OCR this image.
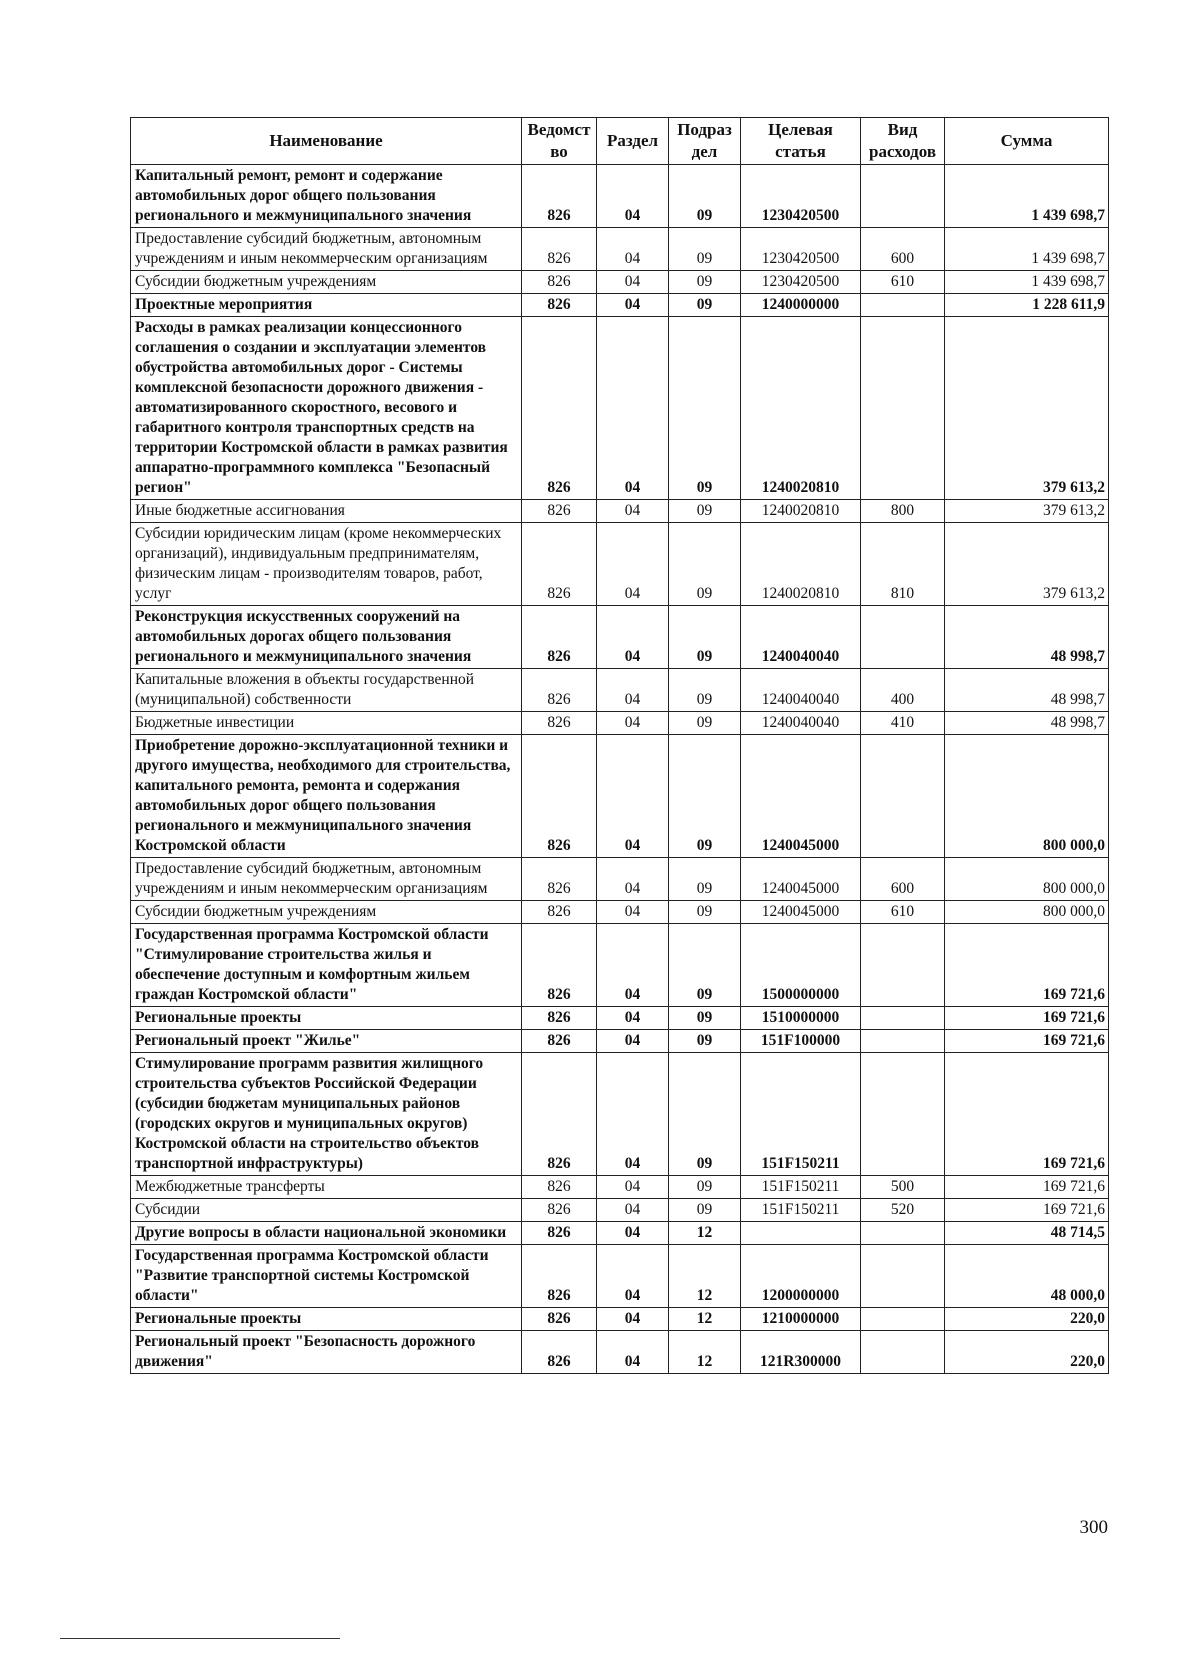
Наименование	Ведомст во	Раздел	Подраз дел	Целевая статья	Вид расходов	Сумма
Капитальный ремонт, ремонт и содержание автомобильных дорог общего пользования регионального и межмуниципального значения	826	04	09	1230420500		1 439 698,7
Предоставление субсидий бюджетным, автономным учреждениям и иным некоммерческим организациям	826	04	09	1230420500	600	1 439 698,7
Субсидии бюджетным учреждениям	826	04	09	1230420500	610	1 439 698,7
Проектные мероприятия	826	04	09	1240000000		1 228 611,9
Расходы в рамках реализации концессионного соглашения о создании и эксплуатации элементов обустройства автомобильных дорог - Системы комплексной безопасности дорожного движения - автоматизированного скоростного, весового и габаритного контроля транспортных средств на территории Костромской области в рамках развития аппаратно-программного комплекса "Безопасный регион"	826	04	09	1240020810		379 613,2
Иные бюджетные ассигнования	826	04	09	1240020810	800	379 613,2
Субсидии юридическим лицам (кроме некоммерческих организаций), индивидуальным предпринимателям, физическим лицам - производителям товаров, работ, услуг	826	04	09	1240020810	810	379 613,2
Реконструкция искусственных сооружений на автомобильных дорогах общего пользования регионального и межмуниципального значения	826	04	09	1240040040		48 998,7
Капитальные вложения в объекты государственной (муниципальной) собственности	826	04	09	1240040040	400	48 998,7
Бюджетные инвестиции	826	04	09	1240040040	410	48 998,7
Приобретение дорожно-эксплуатационной техники и другого имущества, необходимого для строительства, капитального ремонта, ремонта и содержания автомобильных дорог общего пользования регионального и межмуниципального значения Костромской области	826	04	09	1240045000		800 000,0
Предоставление субсидий бюджетным, автономным учреждениям и иным некоммерческим организациям	826	04	09	1240045000	600	800 000,0
Субсидии бюджетным учреждениям	826	04	09	1240045000	610	800 000,0
Государственная программа Костромской области "Стимулирование строительства жилья и обеспечение доступным и комфортным жильем граждан Костромской области"	826	04	09	1500000000		169 721,6
Региональные проекты	826	04	09	1510000000		169 721,6
Региональный проект "Жилье"	826	04	09	151F100000		169 721,6
Стимулирование программ развития жилищного строительства субъектов Российской Федерации (субсидии бюджетам муниципальных районов (городских округов и муниципальных округов) Костромской области на строительство объектов транспортной инфраструктуры)	826	04	09	151F150211		169 721,6
Межбюджетные трансферты	826	04	09	151F150211	500	169 721,6
Субсидии	826	04	09	151F150211	520	169 721,6
Другие вопросы в области национальной экономики	826	04	12			48 714,5
Государственная программа Костромской области "Развитие транспортной системы Костромской области"	826	04	12	1200000000		48 000,0
Региональные проекты	826	04	12	1210000000		220,0
Региональный проект "Безопасность дорожного движения"	826	04	12	121R300000		220,0
300
